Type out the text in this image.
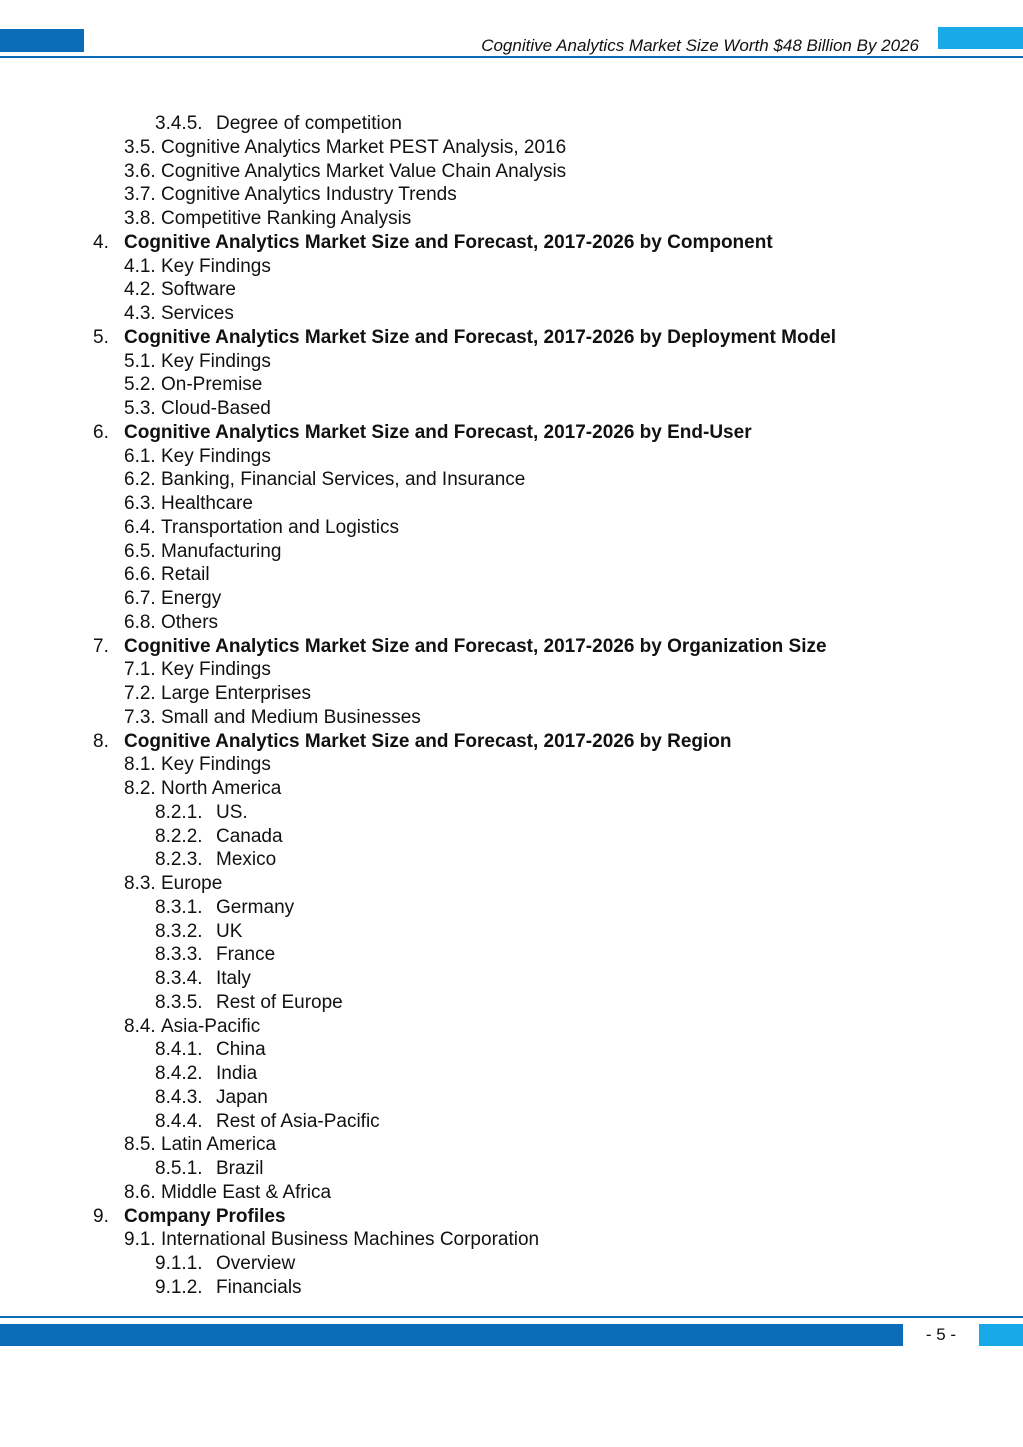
Cognitive Analytics Market Size Worth $48 Billion By 2026
3.4.5. Degree of competition
3.5. Cognitive Analytics Market PEST Analysis, 2016
3.6. Cognitive Analytics Market Value Chain Analysis
3.7. Cognitive Analytics Industry Trends
3.8. Competitive Ranking Analysis
4. Cognitive Analytics Market Size and Forecast, 2017-2026 by Component
4.1. Key Findings
4.2. Software
4.3. Services
5. Cognitive Analytics Market Size and Forecast, 2017-2026 by Deployment Model
5.1. Key Findings
5.2. On-Premise
5.3. Cloud-Based
6. Cognitive Analytics Market Size and Forecast, 2017-2026 by End-User
6.1. Key Findings
6.2. Banking, Financial Services, and Insurance
6.3. Healthcare
6.4. Transportation and Logistics
6.5. Manufacturing
6.6. Retail
6.7. Energy
6.8. Others
7. Cognitive Analytics Market Size and Forecast, 2017-2026 by Organization Size
7.1. Key Findings
7.2. Large Enterprises
7.3. Small and Medium Businesses
8. Cognitive Analytics Market Size and Forecast, 2017-2026 by Region
8.1. Key Findings
8.2. North America
8.2.1. US.
8.2.2. Canada
8.2.3. Mexico
8.3. Europe
8.3.1. Germany
8.3.2. UK
8.3.3. France
8.3.4. Italy
8.3.5. Rest of Europe
8.4. Asia-Pacific
8.4.1. China
8.4.2. India
8.4.3. Japan
8.4.4. Rest of Asia-Pacific
8.5. Latin America
8.5.1. Brazil
8.6. Middle East & Africa
9. Company Profiles
9.1. International Business Machines Corporation
9.1.1. Overview
9.1.2. Financials
- 5 -
